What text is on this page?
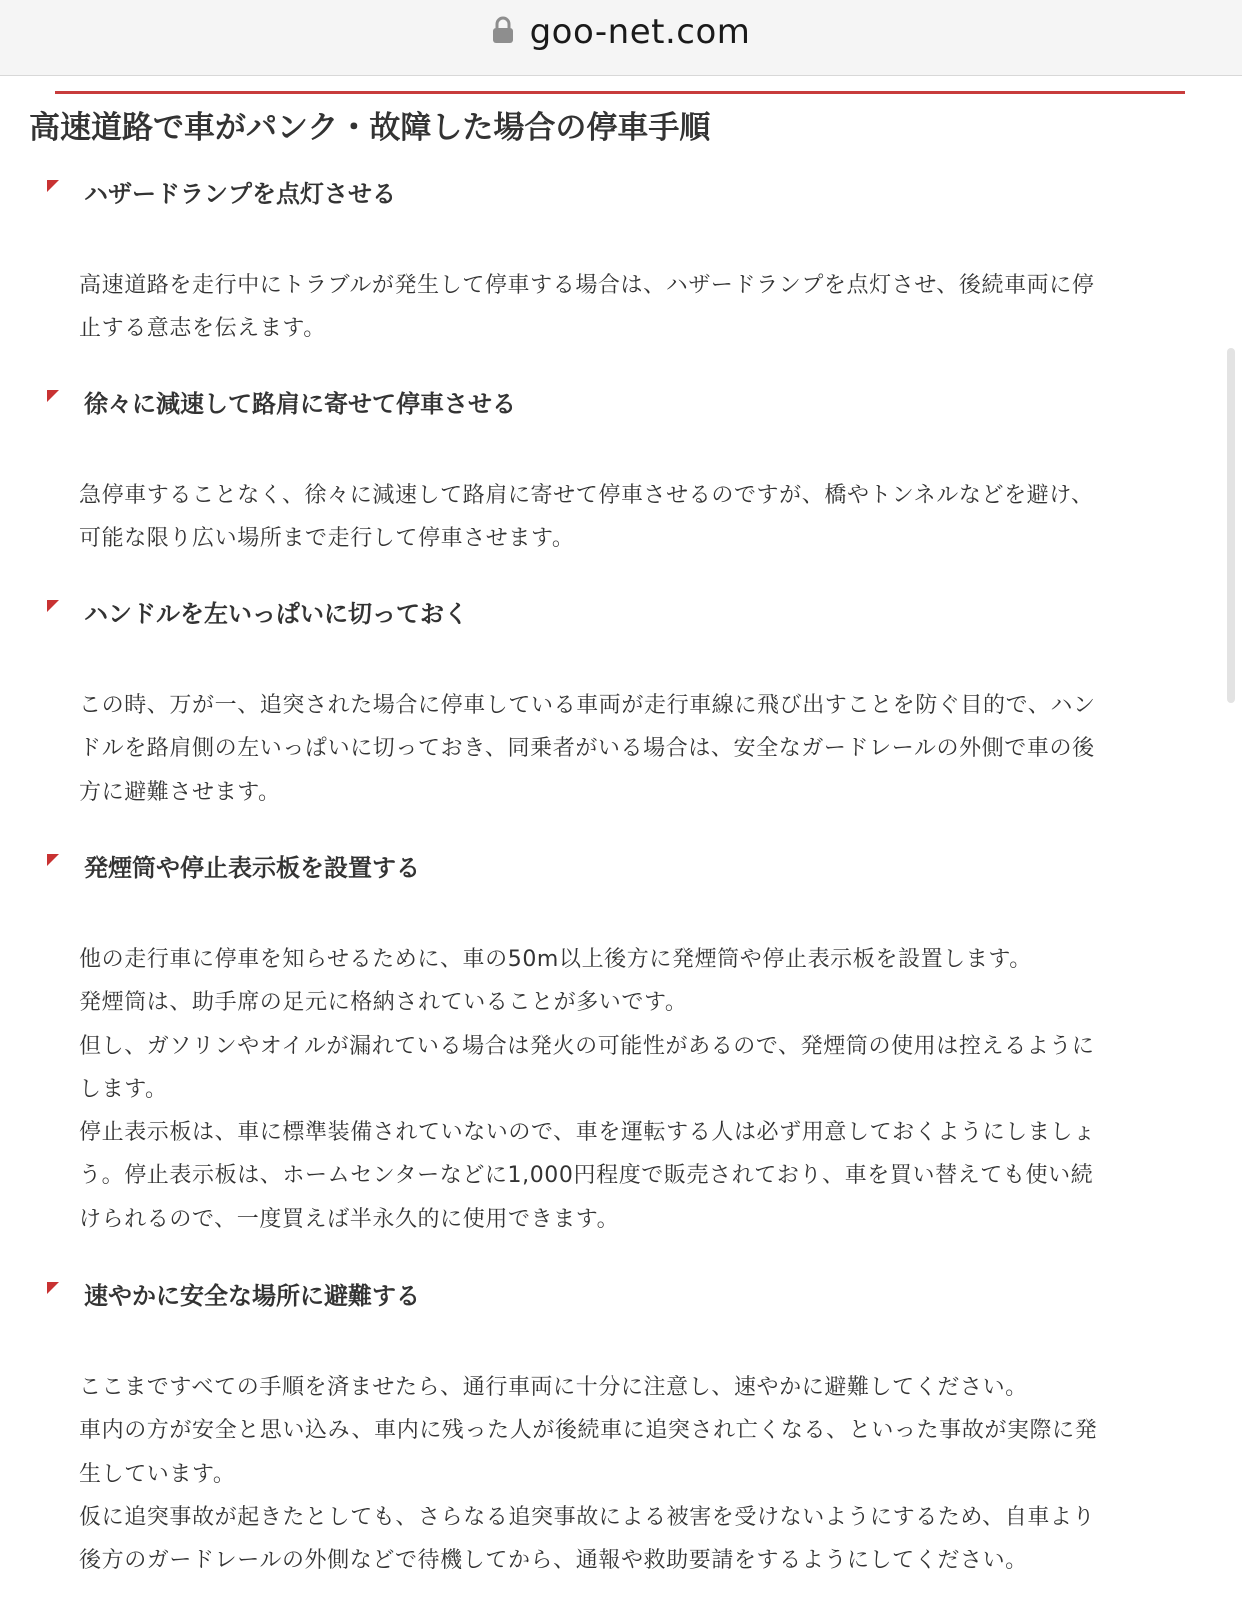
goo-net.com
高速道路で車がパンク・故障した場合の停車手順
ハザードランプを点灯させる

高速道路を走行中にトラブルが発生して停車する場合は、ハザードランプを点灯させ、後続車両に停
止する意志を伝えます。

徐々に減速して路肩に寄せて停車させる

急停車することなく、徐々に減速して路肩に寄せて停車させるのですが、橋やトンネルなどを避け、
可能な限り広い場所まで走行して停車させます。

ハンドルを左いっぱいに切っておく

この時、万が一、追突された場合に停車している車両が走行車線に飛び出すことを防ぐ目的で、ハン
ドルを路肩側の左いっぱいに切っておき、同乗者がいる場合は、安全なガードレールの外側で車の後
方に避難させます。

発煙筒や停止表示板を設置する

他の走行車に停車を知らせるために、車の50m以上後方に発煙筒や停止表示板を設置します。
発煙筒は、助手席の足元に格納されていることが多いです。
但し、ガソリンやオイルが漏れている場合は発火の可能性があるので、発煙筒の使用は控えるように
します。
停止表示板は、車に標準装備されていないので、車を運転する人は必ず用意しておくようにしましょ
う。停止表示板は、ホームセンターなどに1,000円程度で販売されており、車を買い替えても使い続
けられるので、一度買えば半永久的に使用できます。

速やかに安全な場所に避難する

ここまですべての手順を済ませたら、通行車両に十分に注意し、速やかに避難してください。
車内の方が安全と思い込み、車内に残った人が後続車に追突され亡くなる、といった事故が実際に発
生しています。
仮に追突事故が起きたとしても、さらなる追突事故による被害を受けないようにするため、自車より
後方のガードレールの外側などで待機してから、通報や救助要請をするようにしてください。
